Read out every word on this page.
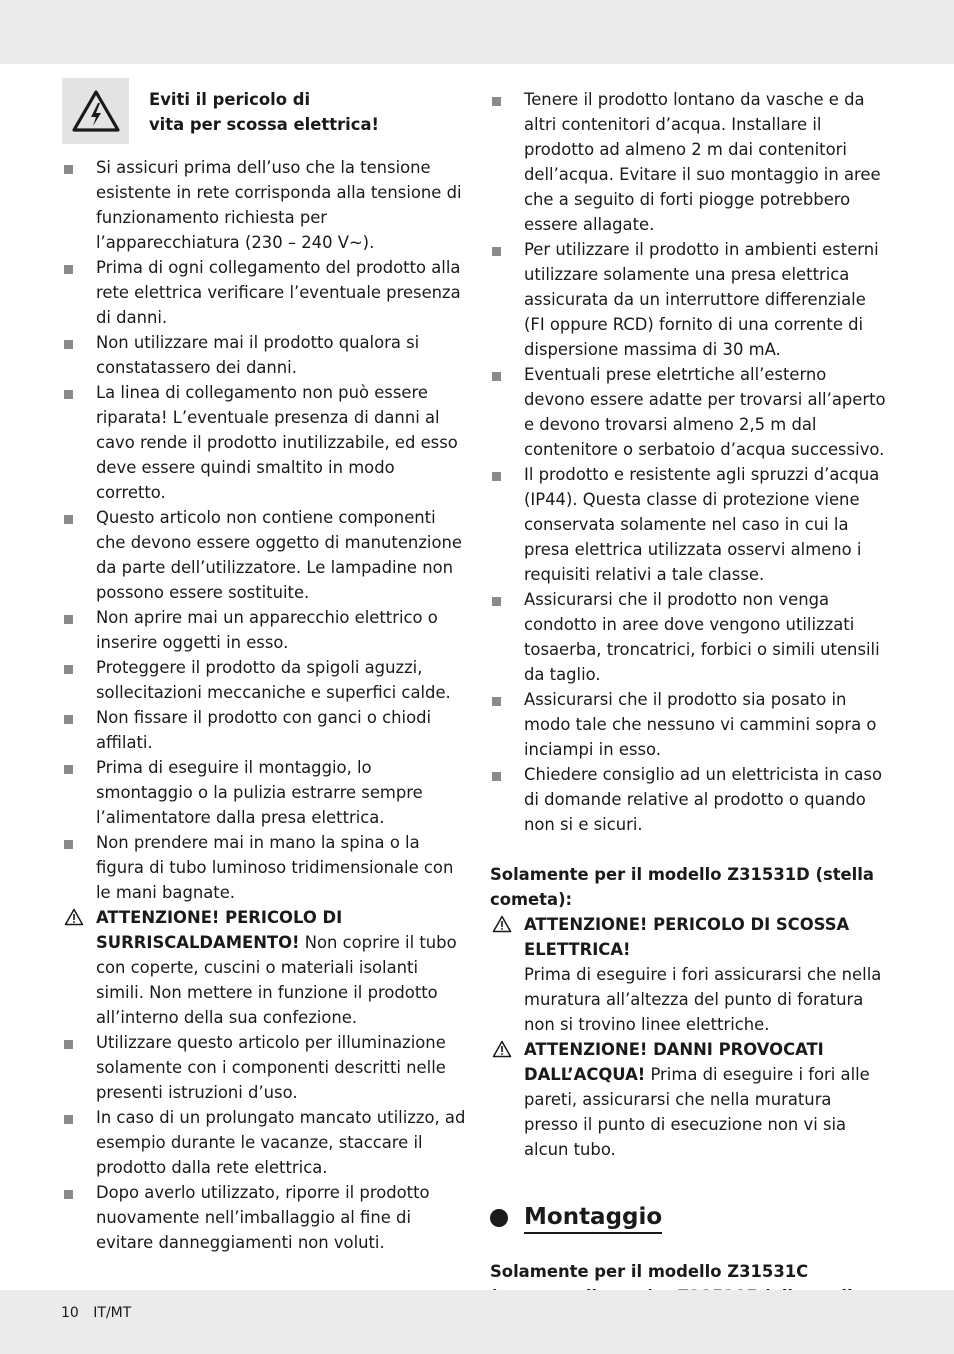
Eviti il pericolo di
vita per scossa elettrica!
Si assicuri prima dell’uso che la tensione esistente in rete corrisponda alla tensione di funzionamento richiesta per l’apparecchiatura (230 – 240 V~).
Prima di ogni collegamento del prodotto alla rete elettrica verificare l’eventuale presenza di danni.
Non utilizzare mai il prodotto qualora si constatassero dei danni.
La linea di collegamento non può essere riparata! L’eventuale presenza di danni al cavo rende il prodotto inutilizzabile, ed esso deve essere quindi smaltito in modo corretto.
Questo articolo non contiene componenti che devono essere oggetto di manutenzione da parte dell’utilizzatore. Le lampadine non possono essere sostituite.
Non aprire mai un apparecchio elettrico o inserire oggetti in esso.
Proteggere il prodotto da spigoli aguzzi, sollecitazioni meccaniche e superfici calde.
Non fissare il prodotto con ganci o chiodi affilati.
Prima di eseguire il montaggio, lo smontaggio o la pulizia estrarre sempre l’alimentatore dalla presa elettrica.
Non prendere mai in mano la spina o la figura di tubo luminoso tridimensionale con le mani bagnate.
ATTENZIONE! PERICOLO DI SURRISCALDAMENTO! Non coprire il tubo con coperte, cuscini o materiali isolanti simili. Non mettere in funzione il prodotto all’interno della sua confezione.
Utilizzare questo articolo per illuminazione solamente con i componenti descritti nelle presenti istruzioni d’uso.
In caso di un prolungato mancato utilizzo, ad esempio durante le vacanze, staccare il prodotto dalla rete elettrica.
Dopo averlo utilizzato, riporre il prodotto nuovamente nell’imballaggio al fine di evitare danneggiamenti non voluti.
Tenere il prodotto lontano da vasche e da altri contenitori d’acqua. Installare il prodotto ad almeno 2 m dai contenitori dell’acqua. Evitare il suo montaggio in aree che a seguito di forti piogge potrebbero essere allagate.
Per utilizzare il prodotto in ambienti esterni utilizzare solamente una presa elettrica assicurata da un interruttore differenziale (FI oppure RCD) fornito di una corrente di dispersione massima di 30 mA.
Eventuali prese eletrtiche all’esterno devono essere adatte per trovarsi all’aperto e devono trovarsi almeno 2,5 m dal contenitore o serbatoio d’acqua successivo.
Il prodotto e resistente agli spruzzi d’acqua (IP44). Questa classe di protezione viene conservata solamente nel caso in cui la presa elettrica utilizzata osservi almeno i requisiti relativi a tale classe.
Assicurarsi che il prodotto non venga condotto in aree dove vengono utilizzati tosaerba, troncatrici, forbici o simili utensili da taglio.
Assicurarsi che il prodotto sia posato in modo tale che nessuno vi cammini sopra o inciampi in esso.
Chiedere consiglio ad un elettricista in caso di domande relative al prodotto o quando non si e sicuri.
Solamente per il modello Z31531D (stella cometa):
ATTENZIONE! PERICOLO DI SCOSSA ELETTRICA!
Prima di eseguire i fori assicurarsi che nella muratura all’altezza del punto di foratura non si trovino linee elettriche.
ATTENZIONE! DANNI PROVOCATI DALL’ACQUA! Prima di eseguire i fori alle pareti, assicurarsi che nella muratura presso il punto di esecuzione non vi sia alcun tubo.
Montaggio
Solamente per il modello Z31531C
10 IT/MT
